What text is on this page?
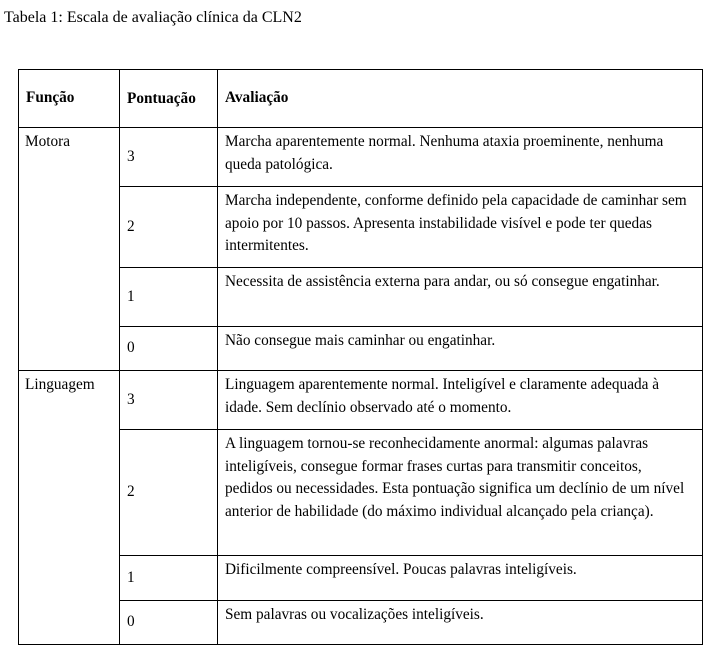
Tabela 1: Escala de avaliação clínica da CLN2
Função	Pontuação	Avaliação
Motora	3	Marcha aparentemente normal. Nenhuma ataxia proeminente, nenhuma queda patológica.
	2	Marcha independente, conforme definido pela capacidade de caminhar sem apoio por 10 passos. Apresenta instabilidade visível e pode ter quedas intermitentes.
	1	Necessita de assistência externa para andar, ou só consegue engatinhar.
	0	Não consegue mais caminhar ou engatinhar.
Linguagem	3	Linguagem aparentemente normal. Inteligível e claramente adequada à idade. Sem declínio observado até o momento.
	2	A linguagem tornou-se reconhecidamente anormal: algumas palavras inteligíveis, consegue formar frases curtas para transmitir conceitos, pedidos ou necessidades. Esta pontuação significa um declínio de um nível anterior de habilidade (do máximo individual alcançado pela criança).
	1	Dificilmente compreensível. Poucas palavras inteligíveis.
	0	Sem palavras ou vocalizações inteligíveis.
